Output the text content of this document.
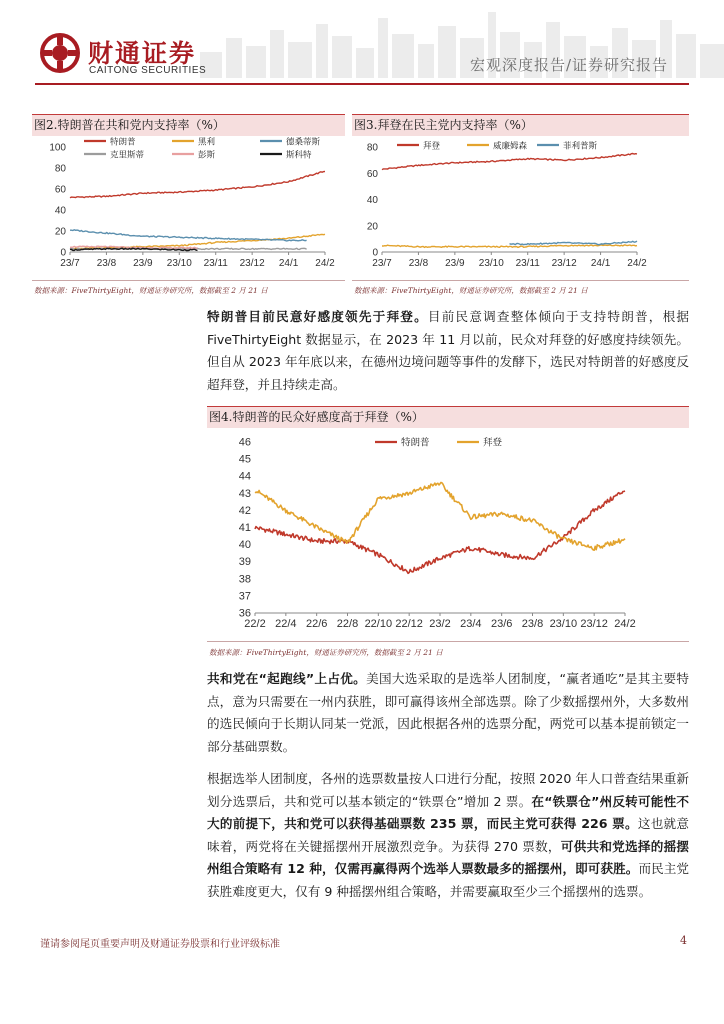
财通证券
CAITONG SECURITIES	宏观深度报告/证券研究报告
图2.特朗普在共和党内支持率（%）
0
20
40
60
80
100
23/7 23/8 23/9 23/10 23/11 23/12 24/1 24/2
特朗普	黑利	德桑蒂斯
克里斯蒂	彭斯	斯科特
数据来源：FiveThirtyEight，财通证券研究所，数据截至 2 月 21 日
图3.拜登在民主党内支持率（%）
0
20
40
60
80
23/7 23/8 23/9 23/10 23/11 23/12 24/1 24/2
拜登	威廉姆森	菲利普斯
数据来源：FiveThirtyEight，财通证券研究所，数据截至 2 月 21 日
特朗普目前民意好感度领先于拜登。目前民意调查整体倾向于支持特朗普，根据 FiveThirtyEight 数据显示，在 2023 年 11 月以前，民众对拜登的好感度持续领先。但自从 2023 年年底以来，在德州边境问题等事件的发酵下，选民对特朗普的好感度反超拜登，并且持续走高。
图4.特朗普的民众好感度高于拜登（%）
36
37
38
39
40
41
42
43
44
45
46
22/2 22/4 22/6 22/8 22/10 22/12 23/2 23/4 23/6 23/8 23/10 23/12 24/2
特朗普	拜登
数据来源：FiveThirtyEight，财通证券研究所，数据截至 2 月 21 日
共和党在“起跑线”上占优。美国大选采取的是选举人团制度，“赢者通吃”是其主要特点，意为只需要在一州内获胜，即可赢得该州全部选票。除了少数摇摆州外，大多数州的选民倾向于长期认同某一党派，因此根据各州的选票分配，两党可以基本提前锁定一部分基础票数。
根据选举人团制度，各州的选票数量按人口进行分配，按照 2020 年人口普查结果重新划分选票后，共和党可以基本锁定的“铁票仓”增加 2 票。在“铁票仓”州反转可能性不大的前提下，共和党可以获得基础票数 235 票，而民主党可获得 226 票。这也就意味着，两党将在关键摇摆州开展激烈竞争。为获得 270 票数，可供共和党选择的摇摆州组合策略有 12 种，仅需再赢得两个选举人票数最多的摇摆州，即可获胜。而民主党获胜难度更大，仅有 9 种摇摆州组合策略，并需要赢取至少三个摇摆州的选票。
谨请参阅尾页重要声明及财通证券股票和行业评级标准	4
